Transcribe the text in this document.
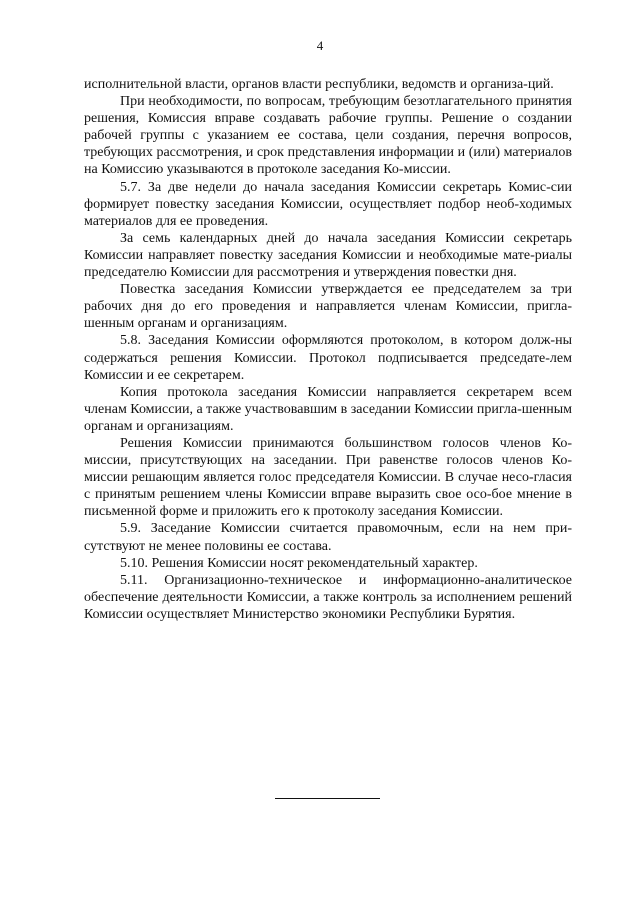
4

исполнительной власти, органов власти республики, ведомств и организа-ций.

При необходимости, по вопросам, требующим безотлагательного принятия решения, Комиссия вправе создавать рабочие группы. Решение о создании рабочей группы с указанием ее состава, цели создания, перечня вопросов, требующих рассмотрения, и срок представления информации и (или) материалов на Комиссию указываются в протоколе заседания Ко-миссии.

5.7. За две недели до начала заседания Комиссии секретарь Комис-сии формирует повестку заседания Комиссии, осуществляет подбор необ-ходимых материалов для ее проведения.

За семь календарных дней до начала заседания Комиссии секретарь Комиссии направляет повестку заседания Комиссии и необходимые мате-риалы председателю Комиссии для рассмотрения и утверждения повестки дня.

Повестка заседания Комиссии утверждается ее председателем за три рабочих дня до его проведения и направляется членам Комиссии, пригла-шенным органам и организациям.

5.8. Заседания Комиссии оформляются протоколом, в котором долж-ны содержаться решения Комиссии. Протокол подписывается председате-лем Комиссии и ее секретарем.

Копия протокола заседания Комиссии направляется секретарем всем членам Комиссии, а также участвовавшим в заседании Комиссии пригла-шенным органам и организациям.

Решения Комиссии принимаются большинством голосов членов Ко-миссии, присутствующих на заседании. При равенстве голосов членов Ко-миссии решающим является голос председателя Комиссии. В случае несо-гласия с принятым решением члены Комиссии вправе выразить свое осо-бое мнение в письменной форме и приложить его к протоколу заседания Комиссии.

5.9. Заседание Комиссии считается правомочным, если на нем при-сутствуют не менее половины ее состава.

5.10. Решения Комиссии носят рекомендательный характер.

5.11. Организационно-техническое и информационно-аналитическое обеспечение деятельности Комиссии, а также контроль за исполнением решений Комиссии осуществляет Министерство экономики Республики Бурятия.
